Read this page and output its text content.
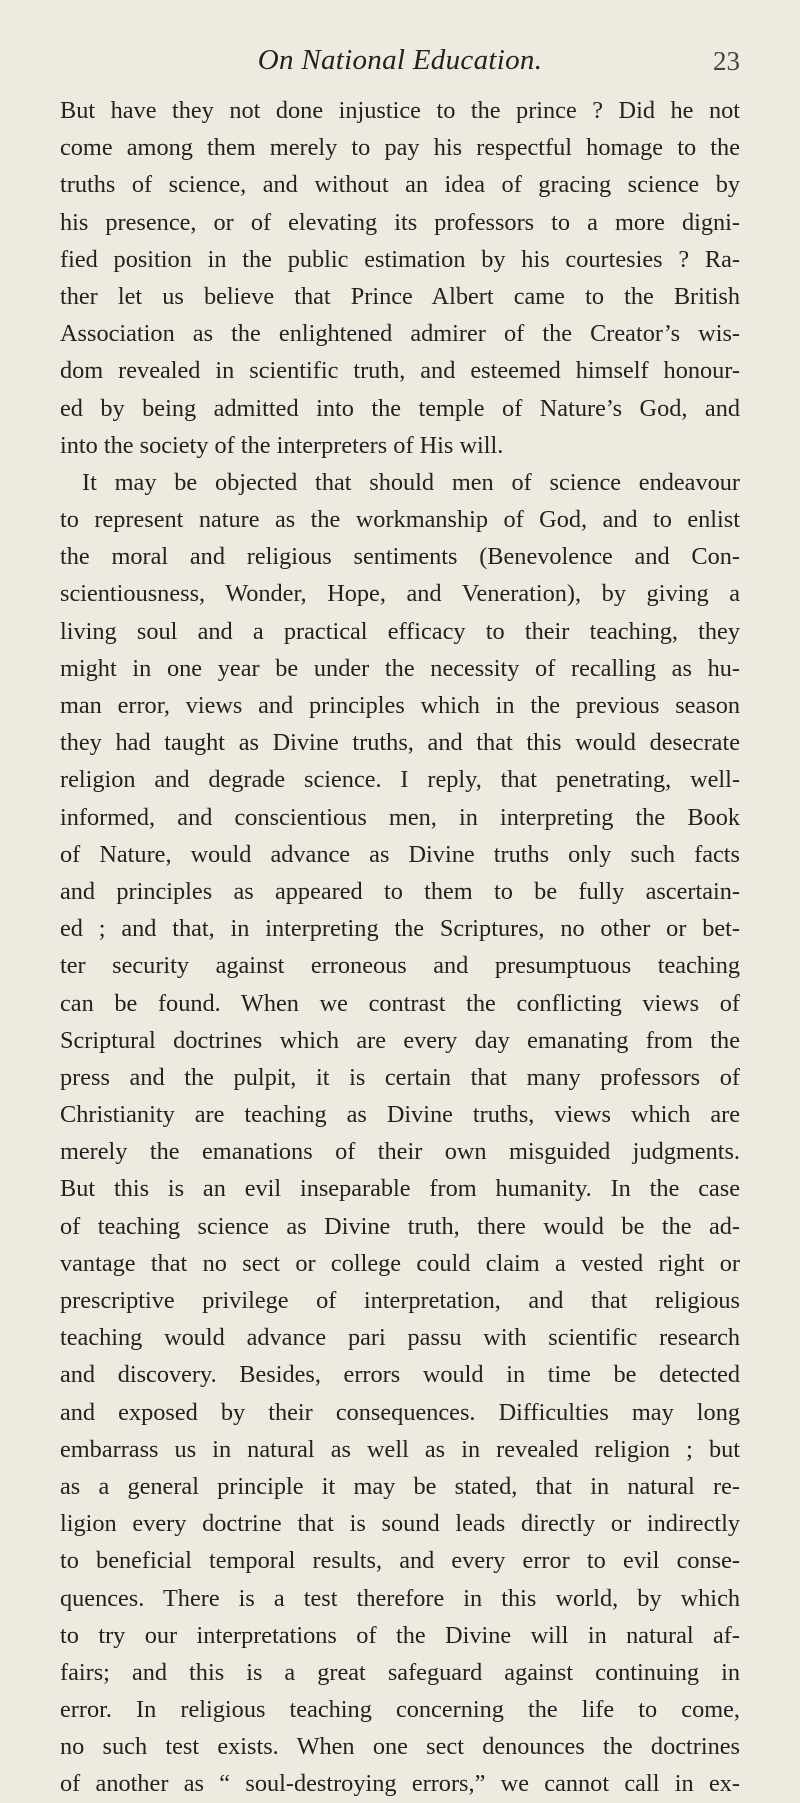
On National Education.	23
But have they not done injustice to the prince ? Did he not
come among them merely to pay his respectful homage to the
truths of science, and without an idea of gracing science by
his presence, or of elevating its professors to a more digni-
fied position in the public estimation by his courtesies ? Ra-
ther let us believe that Prince Albert came to the British
Association as the enlightened admirer of the Creator’s wis-
dom revealed in scientific truth, and esteemed himself honour-
ed by being admitted into the temple of Nature’s God, and
into the society of the interpreters of His will.
It may be objected that should men of science endeavour
to represent nature as the workmanship of God, and to enlist
the moral and religious sentiments (Benevolence and Con-
scientiousness, Wonder, Hope, and Veneration), by giving a
living soul and a practical efficacy to their teaching, they
might in one year be under the necessity of recalling as hu-
man error, views and principles which in the previous season
they had taught as Divine truths, and that this would desecrate
religion and degrade science. I reply, that penetrating, well-
informed, and conscientious men, in interpreting the Book
of Nature, would advance as Divine truths only such facts
and principles as appeared to them to be fully ascertain-
ed ; and that, in interpreting the Scriptures, no other or bet-
ter security against erroneous and presumptuous teaching
can be found. When we contrast the conflicting views of
Scriptural doctrines which are every day emanating from the
press and the pulpit, it is certain that many professors of
Christianity are teaching as Divine truths, views which are
merely the emanations of their own misguided judgments.
But this is an evil inseparable from humanity. In the case
of teaching science as Divine truth, there would be the ad-
vantage that no sect or college could claim a vested right or
prescriptive privilege of interpretation, and that religious
teaching would advance pari passu with scientific research
and discovery. Besides, errors would in time be detected
and exposed by their consequences. Difficulties may long
embarrass us in natural as well as in revealed religion ; but
as a general principle it may be stated, that in natural re-
ligion every doctrine that is sound leads directly or indirectly
to beneficial temporal results, and every error to evil conse-
quences. There is a test therefore in this world, by which
to try our interpretations of the Divine will in natural af-
fairs; and this is a great safeguard against continuing in
error. In religious teaching concerning the life to come,
no such test exists. When one sect denounces the doctrines
of another as “ soul-destroying errors,” we cannot call in ex-
